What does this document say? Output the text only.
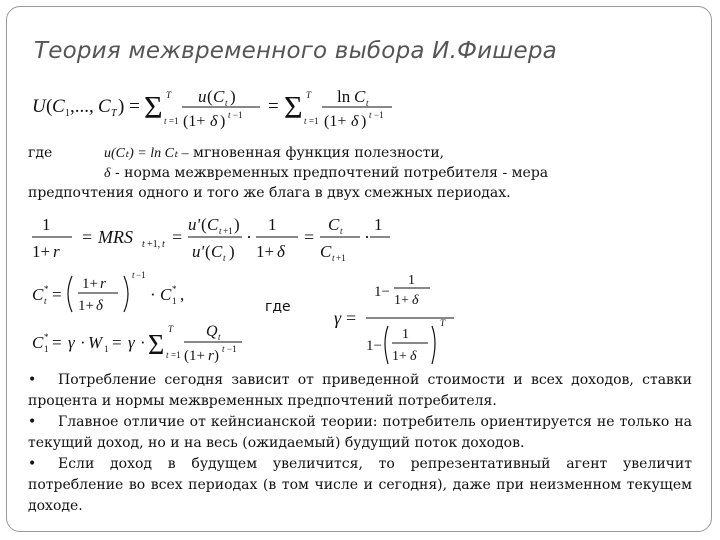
Теория межвременного выбора И.Фишера
U ( C 1 ,..., C T ) = Σ T
t =1
u ( C t )
(1+ δ ) t −1 = Σ T
t =1
ln C t
(1+ δ ) t −1
где	u(Cₜ) = ln Cₜ – мгновенная функция полезности,
δ - норма межвременных предпочтений потребителя - мера
предпочтения одного и того же блага в двух смежных периодах.
1
1+ r
= MRS t +1, t =
u' ( C t +1 )
u' ( C t )
·
1
1+ δ
=
C t
C t +1
·
1
C t
* =
1+ r
1+ δ
t −1
· C 1
* ,
где
C 1
* = γ · W 1 = γ · Σ
T
t =1
Q t
(1+ r ) t −1
γ =
1−
1
1+ δ
1−
1
1+ δ
T

• Потребление сегодня зависит от приведенной стоимости и всех доходов, ставки процента и нормы межвременных предпочтений потребителя.

• Главное отличие от кейнсианской теории: потребитель ориентируется не только на текущий доход, но и на весь (ожидаемый) будущий поток доходов.

• Если доход в будущем увеличится, то репрезентативный агент увеличит потребление во всех периодах (в том числе и сегодня), даже при неизменном текущем доходе.
